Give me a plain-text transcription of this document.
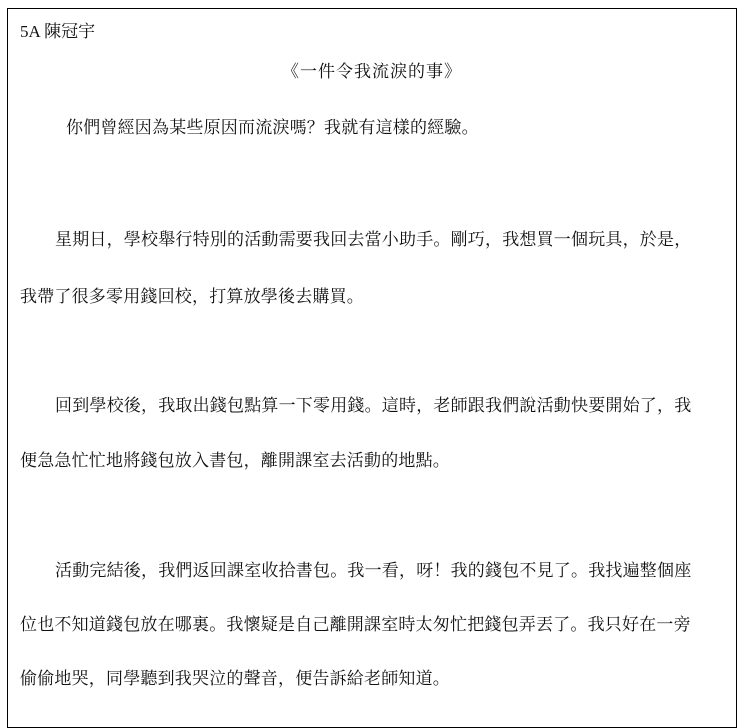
5A 陳冠宇
《一件令我流淚的事》
你們曾經因為某些原因而流淚嗎？我就有這樣的經驗。
星期日，學校舉行特別的活動需要我回去當小助手。剛巧，我想買一個玩具，於是，
我帶了很多零用錢回校，打算放學後去購買。
回到學校後，我取出錢包點算一下零用錢。這時，老師跟我們說活動快要開始了，我
便急急忙忙地將錢包放入書包，離開課室去活動的地點。
活動完結後，我們返回課室收拾書包。我一看，呀！我的錢包不見了。我找遍整個座
位也不知道錢包放在哪裏。我懷疑是自己離開課室時太匆忙把錢包弄丟了。我只好在一旁
偷偷地哭，同學聽到我哭泣的聲音，便告訴給老師知道。
